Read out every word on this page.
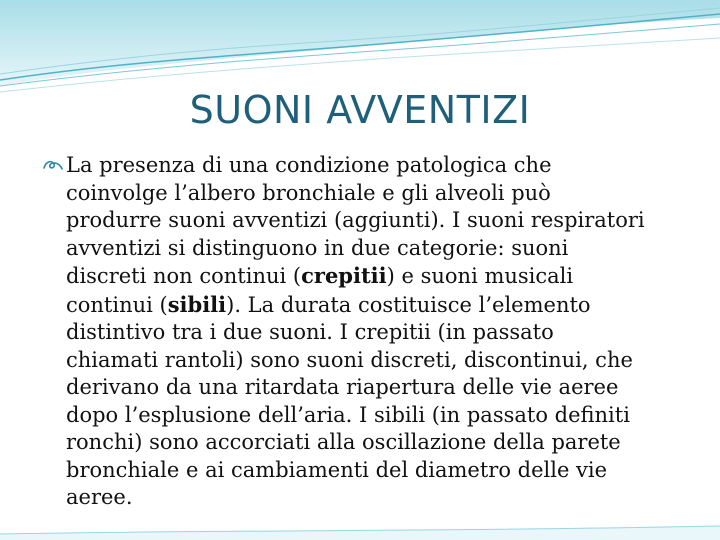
SUONI AVVENTIZI

La presenza di una condizione patologica che
coinvolge l’albero bronchiale e gli alveoli può
produrre suoni avventizi (aggiunti). I suoni respiratori
avventizi si distinguono in due categorie: suoni
discreti non continui (crepitii) e suoni musicali
continui (sibili). La durata costituisce l’elemento
distintivo tra i due suoni. I crepitii (in passato
chiamati rantoli) sono suoni discreti, discontinui, che
derivano da una ritardata riapertura delle vie aeree
dopo l’esplusione dell’aria. I sibili (in passato definiti
ronchi) sono accorciati alla oscillazione della parete
bronchiale e ai cambiamenti del diametro delle vie
aeree.
